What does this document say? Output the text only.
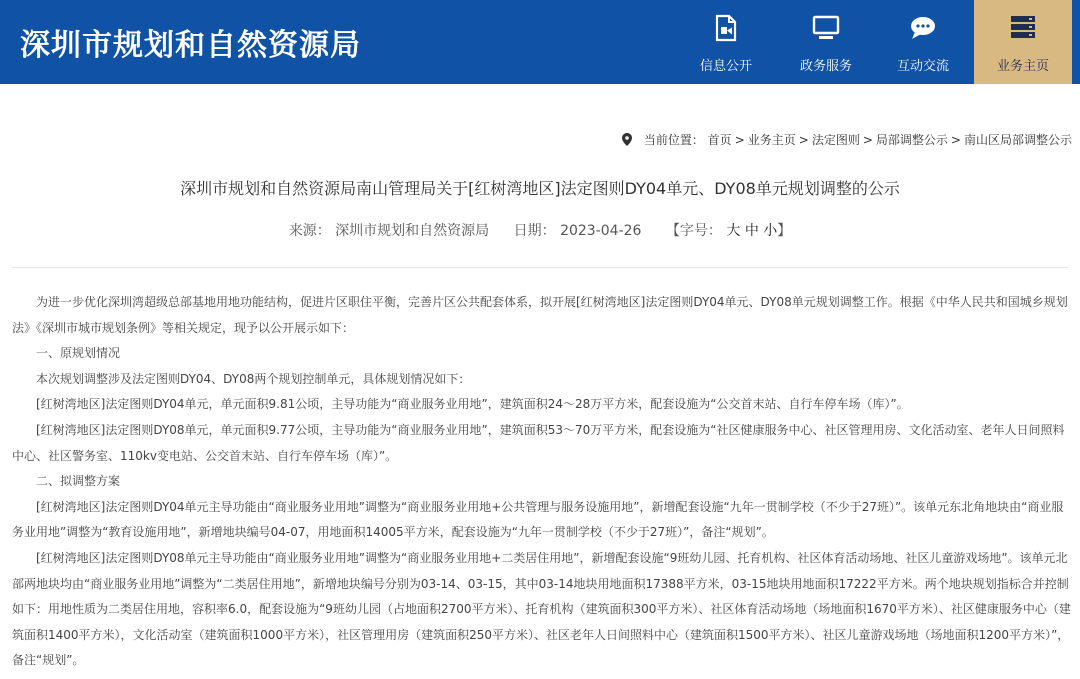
深圳市规划和自然资源局
信息公开	政务服务	互动交流	业务主页
当前位置： 首页 > 业务主页 > 法定图则 > 局部调整公示 > 南山区局部调整公示
深圳市规划和自然资源局南山管理局关于[红树湾地区]法定图则DY04单元、DY08单元规划调整的公示
来源： 深圳市规划和自然资源局 日期： 2023-04-26 【字号： 大 中 小】

为进一步优化深圳湾超级总部基地用地功能结构，促进片区职住平衡，完善片区公共配套体系，拟开展[红树湾地区]法定图则DY04单元、DY08单元规划调整工作。根据《中华人民共和国城乡规划法》《深圳市城市规划条例》等相关规定，现予以公开展示如下：

一、原规划情况

本次规划调整涉及法定图则DY04、DY08两个规划控制单元，具体规划情况如下：

[红树湾地区]法定图则DY04单元，单元面积9.81公顷，主导功能为“商业服务业用地”，建筑面积24～28万平方米，配套设施为“公交首末站、自行车停车场（库）”。

[红树湾地区]法定图则DY08单元，单元面积9.77公顷，主导功能为“商业服务业用地”，建筑面积53～70万平方米，配套设施为“社区健康服务中心、社区管理用房、文化活动室、老年人日间照料中心、社区警务室、110kv变电站、公交首末站、自行车停车场（库）”。

二、拟调整方案

[红树湾地区]法定图则DY04单元主导功能由“商业服务业用地”调整为“商业服务业用地+公共管理与服务设施用地”，新增配套设施“九年一贯制学校（不少于27班）”。该单元东北角地块由“商业服务业用地”调整为“教育设施用地”，新增地块编号04-07，用地面积14005平方米，配套设施为“九年一贯制学校（不少于27班）”，备注“规划”。

[红树湾地区]法定图则DY08单元主导功能由“商业服务业用地”调整为“商业服务业用地+二类居住用地”，新增配套设施“9班幼儿园、托育机构、社区体育活动场地、社区儿童游戏场地”。该单元北部两地块均由“商业服务业用地”调整为“二类居住用地”，新增地块编号分别为03-14、03-15，其中03-14地块用地面积17388平方米，03-15地块用地面积17222平方米。两个地块规划指标合并控制如下：用地性质为二类居住用地，容积率6.0，配套设施为“9班幼儿园（占地面积2700平方米）、托育机构（建筑面积300平方米）、社区体育活动场地（场地面积1670平方米）、社区健康服务中心（建筑面积1400平方米），文化活动室（建筑面积1000平方米），社区管理用房（建筑面积250平方米）、社区老年人日间照料中心（建筑面积1500平方米）、社区儿童游戏场地（场地面积1200平方米）”，备注“规划”。
